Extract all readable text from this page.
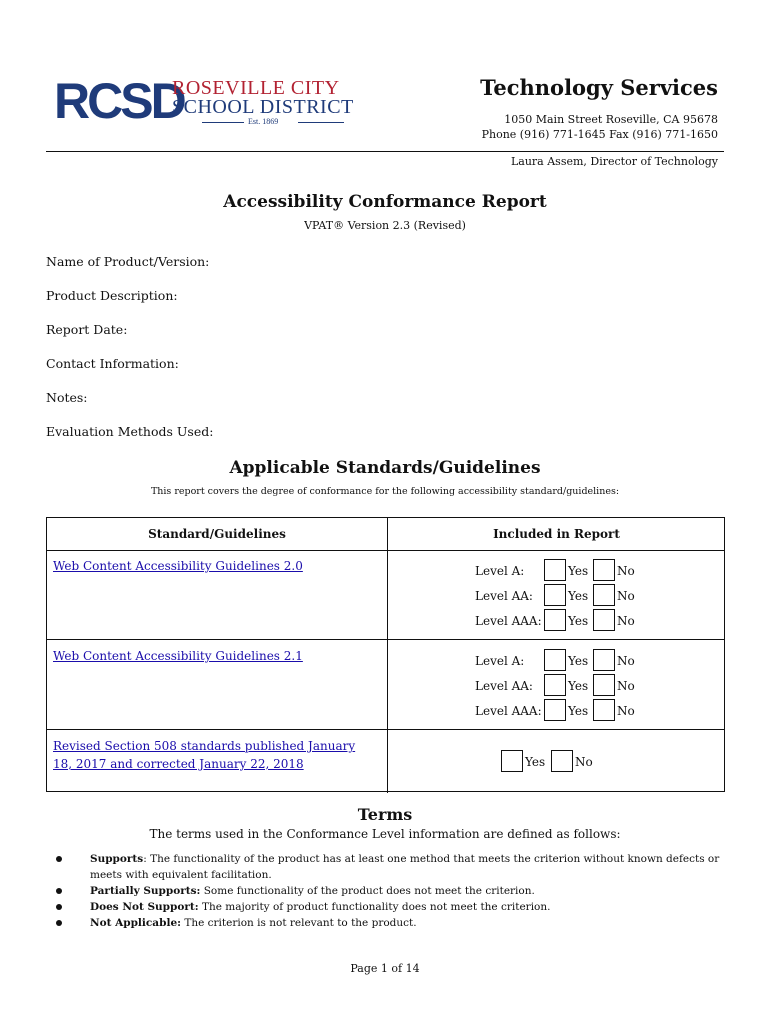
RCSD
ROSEVILLE CITY
SCHOOL DISTRICT
Est. 1869
Technology Services
1050 Main Street Roseville, CA 95678
Phone (916) 771-1645 Fax (916) 771-1650
Laura Assem, Director of Technology
Accessibility Conformance Report
VPAT® Version 2.3 (Revised)
Name of Product/Version:
Product Description:
Report Date:
Contact Information:
Notes:
Evaluation Methods Used:
Applicable Standards/Guidelines
This report covers the degree of conformance for the following accessibility standard/guidelines:
Standard/Guidelines	Included in Report
Web Content Accessibility Guidelines 2.0	Level A:	Yes No
Level AA:	Yes No
Level AAA: Yes No
Web Content Accessibility Guidelines 2.1	Level A:	Yes No
Level AA:	Yes No
Level AAA: Yes No
Revised Section 508 standards published January 18, 2017 and corrected January 22, 2018	Yes No
Terms
The terms used in the Conformance Level information are defined as follows:
Supports: The functionality of the product has at least one method that meets the criterion without known defects or meets with equivalent facilitation.
Partially Supports: Some functionality of the product does not meet the criterion.
Does Not Support: The majority of product functionality does not meet the criterion.
Not Applicable: The criterion is not relevant to the product.
Page 1 of 14
